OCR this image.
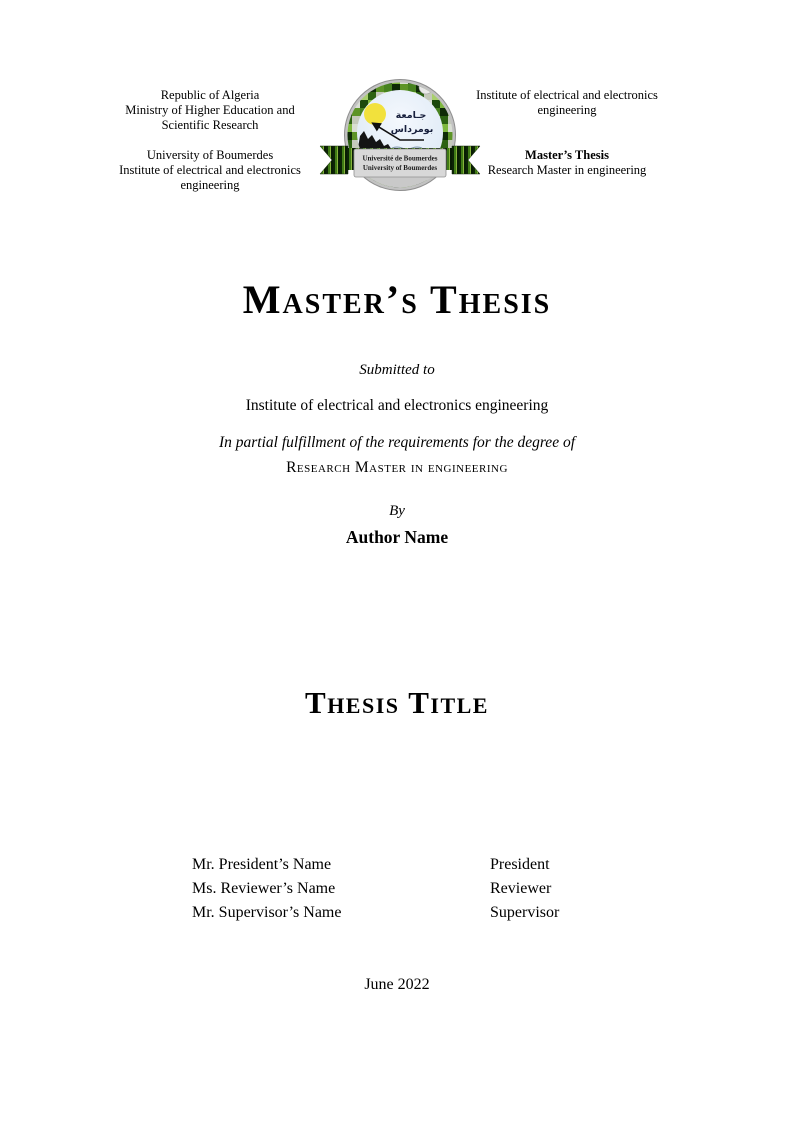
Republic of Algeria
Ministry of Higher Education and
Scientific Research
University of Boumerdes
Institute of electrical and electronics
engineering
جـامعة
بومرداس
Université de Boumerdes
University of Boumerdes
Institute of electrical and electronics
engineering
Master’s Thesis
Research Master in engineering
Master’s Thesis
Submitted to
Institute of electrical and electronics engineering
In partial fulfillment of the requirements for the degree of
Research Master in engineering
By
Author Name
Thesis Title
Mr. President’s Name	President
Ms. Reviewer’s Name	Reviewer
Mr. Supervisor’s Name	Supervisor
June 2022
